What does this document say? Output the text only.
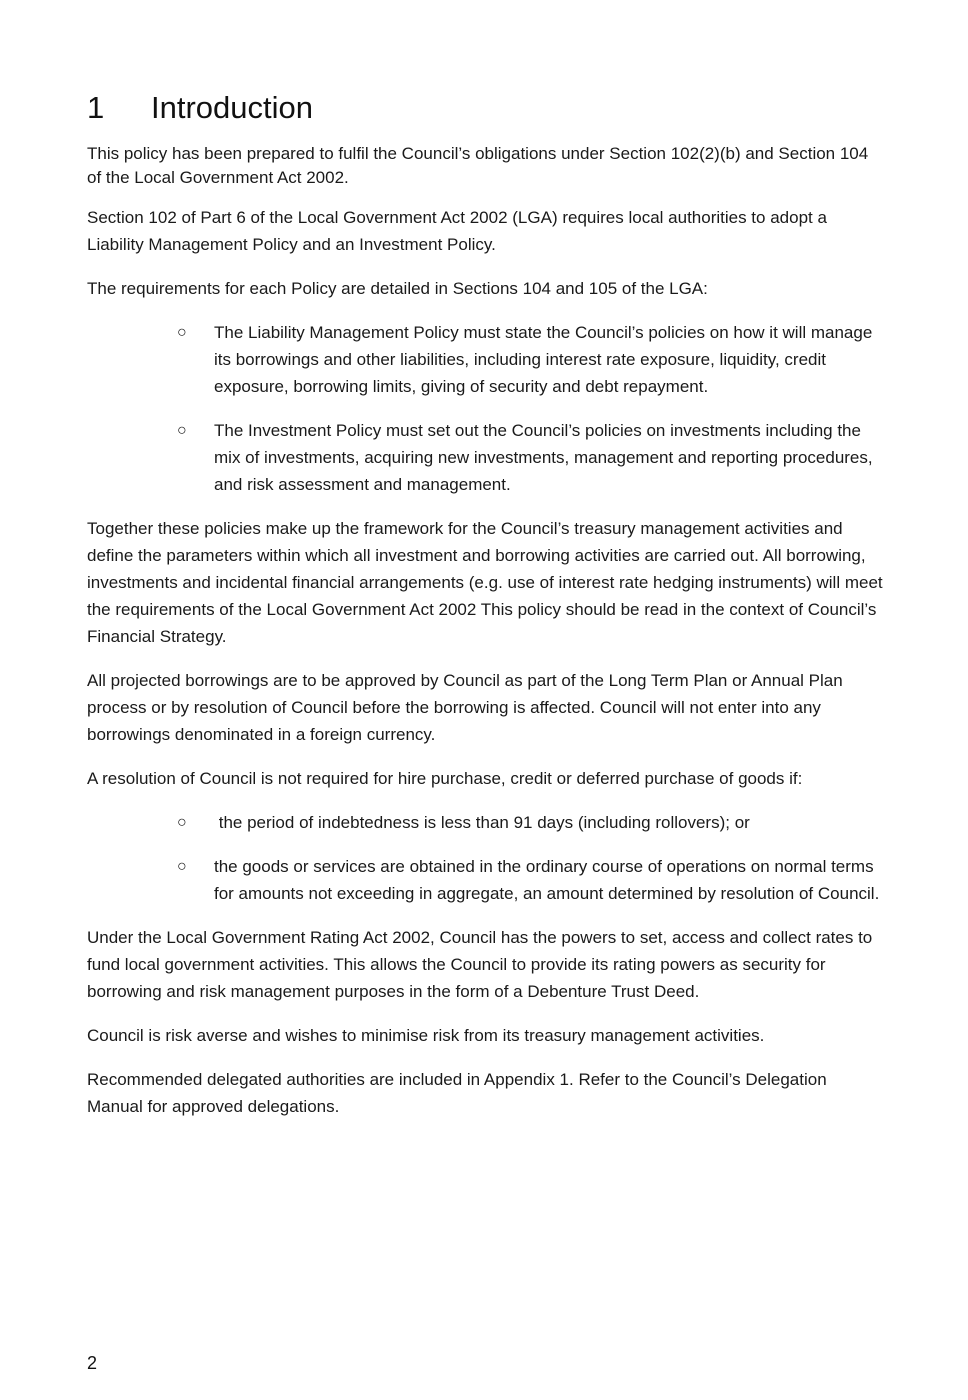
1	Introduction

This policy has been prepared to fulfil the Council’s obligations under Section 102(2)(b) and Section 104 of the Local Government Act 2002.

Section 102 of Part 6 of the Local Government Act 2002 (LGA) requires local authorities to adopt a Liability Management Policy and an Investment Policy.

The requirements for each Policy are detailed in Sections 104 and 105 of the LGA:

○ The Liability Management Policy must state the Council’s policies on how it will manage its borrowings and other liabilities, including interest rate exposure, liquidity, credit exposure, borrowing limits, giving of security and debt repayment.
○ The Investment Policy must set out the Council’s policies on investments including the mix of investments, acquiring new investments, management and reporting procedures, and risk assessment and management.

Together these policies make up the framework for the Council’s treasury management activities and define the parameters within which all investment and borrowing activities are carried out. All borrowing, investments and incidental financial arrangements (e.g. use of interest rate hedging instruments) will meet the requirements of the Local Government Act 2002 This policy should be read in the context of Council’s Financial Strategy.

All projected borrowings are to be approved by Council as part of the Long Term Plan or Annual Plan process or by resolution of Council before the borrowing is affected. Council will not enter into any borrowings denominated in a foreign currency.

A resolution of Council is not required for hire purchase, credit or deferred purchase of goods if:

○ the period of indebtedness is less than 91 days (including rollovers); or
○ the goods or services are obtained in the ordinary course of operations on normal terms for amounts not exceeding in aggregate, an amount determined by resolution of Council.

Under the Local Government Rating Act 2002, Council has the powers to set, access and collect rates to fund local government activities. This allows the Council to provide its rating powers as security for borrowing and risk management purposes in the form of a Debenture Trust Deed.

Council is risk averse and wishes to minimise risk from its treasury management activities.

Recommended delegated authorities are included in Appendix 1. Refer to the Council’s Delegation Manual for approved delegations.

2
